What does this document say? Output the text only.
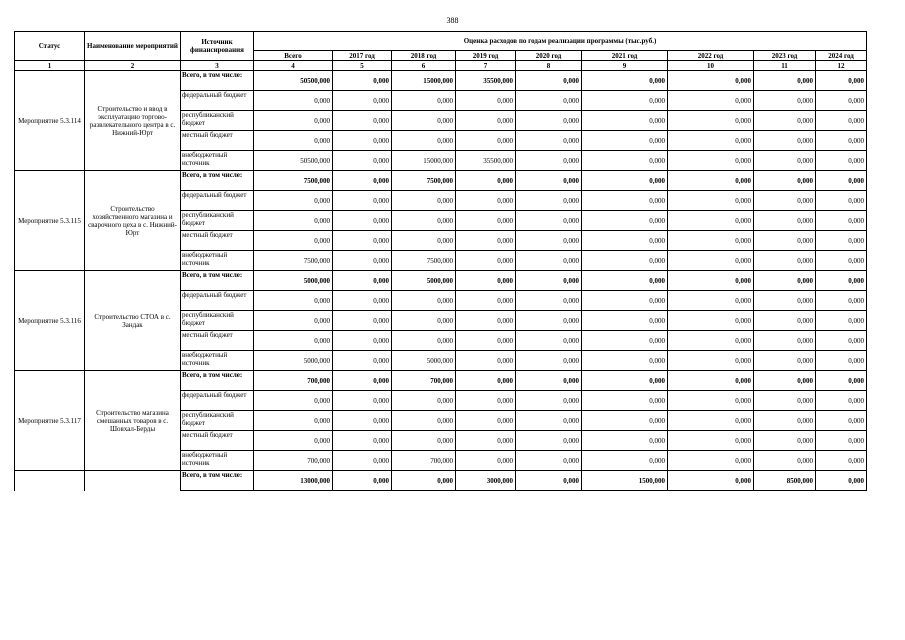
388
Статус	Наименование мероприятий	Источник финансирования	Оценка расходов по годам реализации программы (тыс.руб.)								
			Всего	2017 год	2018 год	2019 год	2020 год	2021 год	2022 год	2023 год	2024 год
1	2	3	4	5	6	7	8	9	10	11	12
Мероприятие 5.3.114	Строительство и ввод в эксплуатацию торгово-развлекательного центра в с. Нижний-Юрт	Всего, в том числе:	50500,000	0,000	15000,000	35500,000	0,000	0,000	0,000	0,000	0,000
		федеральный бюджет	0,000	0,000	0,000	0,000	0,000	0,000	0,000	0,000	0,000
		республиканский бюджет	0,000	0,000	0,000	0,000	0,000	0,000	0,000	0,000	0,000
		местный бюджет	0,000	0,000	0,000	0,000	0,000	0,000	0,000	0,000	0,000
		внебюджетный источник	50500,000	0,000	15000,000	35500,000	0,000	0,000	0,000	0,000	0,000
Мероприятие 5.3.115	Строительство хозяйственного магазина и сварочного цеха в с. Нижний-Юрт	Всего, в том числе:	7500,000	0,000	7500,000	0,000	0,000	0,000	0,000	0,000	0,000
		федеральный бюджет	0,000	0,000	0,000	0,000	0,000	0,000	0,000	0,000	0,000
		республиканский бюджет	0,000	0,000	0,000	0,000	0,000	0,000	0,000	0,000	0,000
		местный бюджет	0,000	0,000	0,000	0,000	0,000	0,000	0,000	0,000	0,000
		внебюджетный источник	7500,000	0,000	7500,000	0,000	0,000	0,000	0,000	0,000	0,000
Мероприятие 5.3.116	Строительство СТОА в с. Зандак	Всего, в том числе:	5000,000	0,000	5000,000	0,000	0,000	0,000	0,000	0,000	0,000
		федеральный бюджет	0,000	0,000	0,000	0,000	0,000	0,000	0,000	0,000	0,000
		республиканский бюджет	0,000	0,000	0,000	0,000	0,000	0,000	0,000	0,000	0,000
		местный бюджет	0,000	0,000	0,000	0,000	0,000	0,000	0,000	0,000	0,000
		внебюджетный источник	5000,000	0,000	5000,000	0,000	0,000	0,000	0,000	0,000	0,000
Мероприятие 5.3.117	Строительство магазина смешанных товаров в с. Шовхал-Берды	Всего, в том числе:	700,000	0,000	700,000	0,000	0,000	0,000	0,000	0,000	0,000
		федеральный бюджет	0,000	0,000	0,000	0,000	0,000	0,000	0,000	0,000	0,000
		республиканский бюджет	0,000	0,000	0,000	0,000	0,000	0,000	0,000	0,000	0,000
		местный бюджет	0,000	0,000	0,000	0,000	0,000	0,000	0,000	0,000	0,000
		внебюджетный источник	700,000	0,000	700,000	0,000	0,000	0,000	0,000	0,000	0,000
		Всего, в том числе:	13000,000	0,000	0,000	3000,000	0,000	1500,000	0,000	8500,000	0,000
